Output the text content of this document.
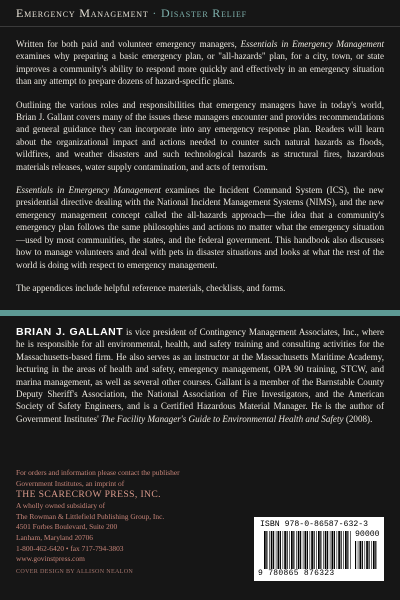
Emergency Management · Disaster Relief

Written for both paid and volunteer emergency managers, Essentials in Emergency Management examines why preparing a basic emergency plan, or "all-hazards" plan, for a city, town, or state improves a community's ability to respond more quickly and effectively in an emergency situation than any attempt to prepare dozens of hazard-specific plans.

Outlining the various roles and responsibilities that emergency managers have in today's world, Brian J. Gallant covers many of the issues these managers encounter and provides recommendations and general guidance they can incorporate into any emergency response plan. Readers will learn about the organizational impact and actions needed to counter such natural hazards as floods, wildfires, and weather disasters and such technological hazards as structural fires, hazardous materials releases, water supply contamination, and acts of terrorism.

Essentials in Emergency Management examines the Incident Command System (ICS), the new presidential directive dealing with the National Incident Management Systems (NIMS), and the new emergency management concept called the all-hazards approach—the idea that a community's emergency plan follows the same philosophies and actions no matter what the emergency situation—used by most communities, the states, and the federal government. This handbook also discusses how to manage volunteers and deal with pets in disaster situations and looks at what the rest of the world is doing with respect to emergency management.

The appendices include helpful reference materials, checklists, and forms.

BRIAN J. GALLANT is vice president of Contingency Management Associates, Inc., where he is responsible for all environmental, health, and safety training and consulting activities for the Massachusetts-based firm. He also serves as an instructor at the Massachusetts Maritime Academy, lecturing in the areas of health and safety, emergency management, OPA 90 training, STCW, and marina management, as well as several other courses. Gallant is a member of the Barnstable County Deputy Sheriff's Association, the National Association of Fire Investigators, and the American Society of Safety Engineers, and is a Certified Hazardous Material Manager. He is the author of Government Institutes' The Facility Manager's Guide to Environmental Health and Safety (2008).
For orders and information please contact the publisher
Government Institutes, an imprint of
THE SCARECROW PRESS, INC.
A wholly owned subsidiary of
The Rowman & Littlefield Publishing Group, Inc.
4501 Forbes Boulevard, Suite 200
Lanham, Maryland 20706
1-800-462-6420 • fax 717-794-3803
www.govinstpress.com
COVER DESIGN BY ALLISON NEALON
ISBN 978-0-86587-632-3
90000
9 780865 876323
